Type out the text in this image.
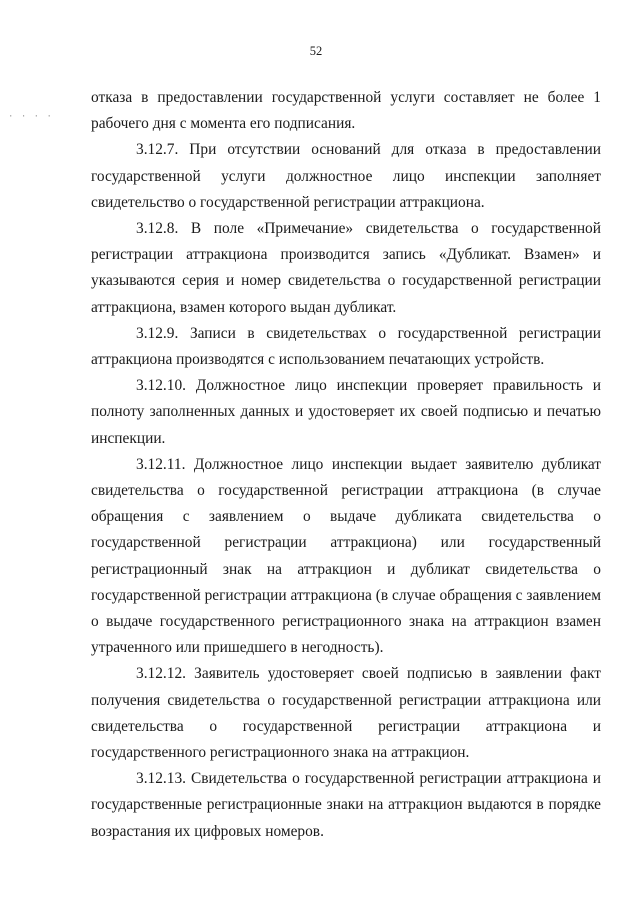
52
· · · ·

отказа в предоставлении государственной услуги составляет не более 1 рабочего дня с момента его подписания.

3.12.7. При отсутствии оснований для отказа в предоставлении государственной услуги должностное лицо инспекции заполняет свидетельство о государственной регистрации аттракциона.

3.12.8. В поле «Примечание» свидетельства о государственной регистрации аттракциона производится запись «Дубликат. Взамен» и указываются серия и номер свидетельства о государственной регистрации аттракциона, взамен которого выдан дубликат.

3.12.9. Записи в свидетельствах о государственной регистрации аттракциона производятся с использованием печатающих устройств.

3.12.10. Должностное лицо инспекции проверяет правильность и полноту заполненных данных и удостоверяет их своей подписью и печатью инспекции.

3.12.11. Должностное лицо инспекции выдает заявителю дубликат свидетельства о государственной регистрации аттракциона (в случае обращения с заявлением о выдаче дубликата свидетельства о государственной регистрации аттракциона) или государственный регистрационный знак на аттракцион и дубликат свидетельства о государственной регистрации аттракциона (в случае обращения с заявлением о выдаче государственного регистрационного знака на аттракцион взамен утраченного или пришедшего в негодность).

3.12.12. Заявитель удостоверяет своей подписью в заявлении факт получения свидетельства о государственной регистрации аттракциона или свидетельства о государственной регистрации аттракциона и государственного регистрационного знака на аттракцион.

3.12.13. Свидетельства о государственной регистрации аттракциона и государственные регистрационные знаки на аттракцион выдаются в порядке возрастания их цифровых номеров.
